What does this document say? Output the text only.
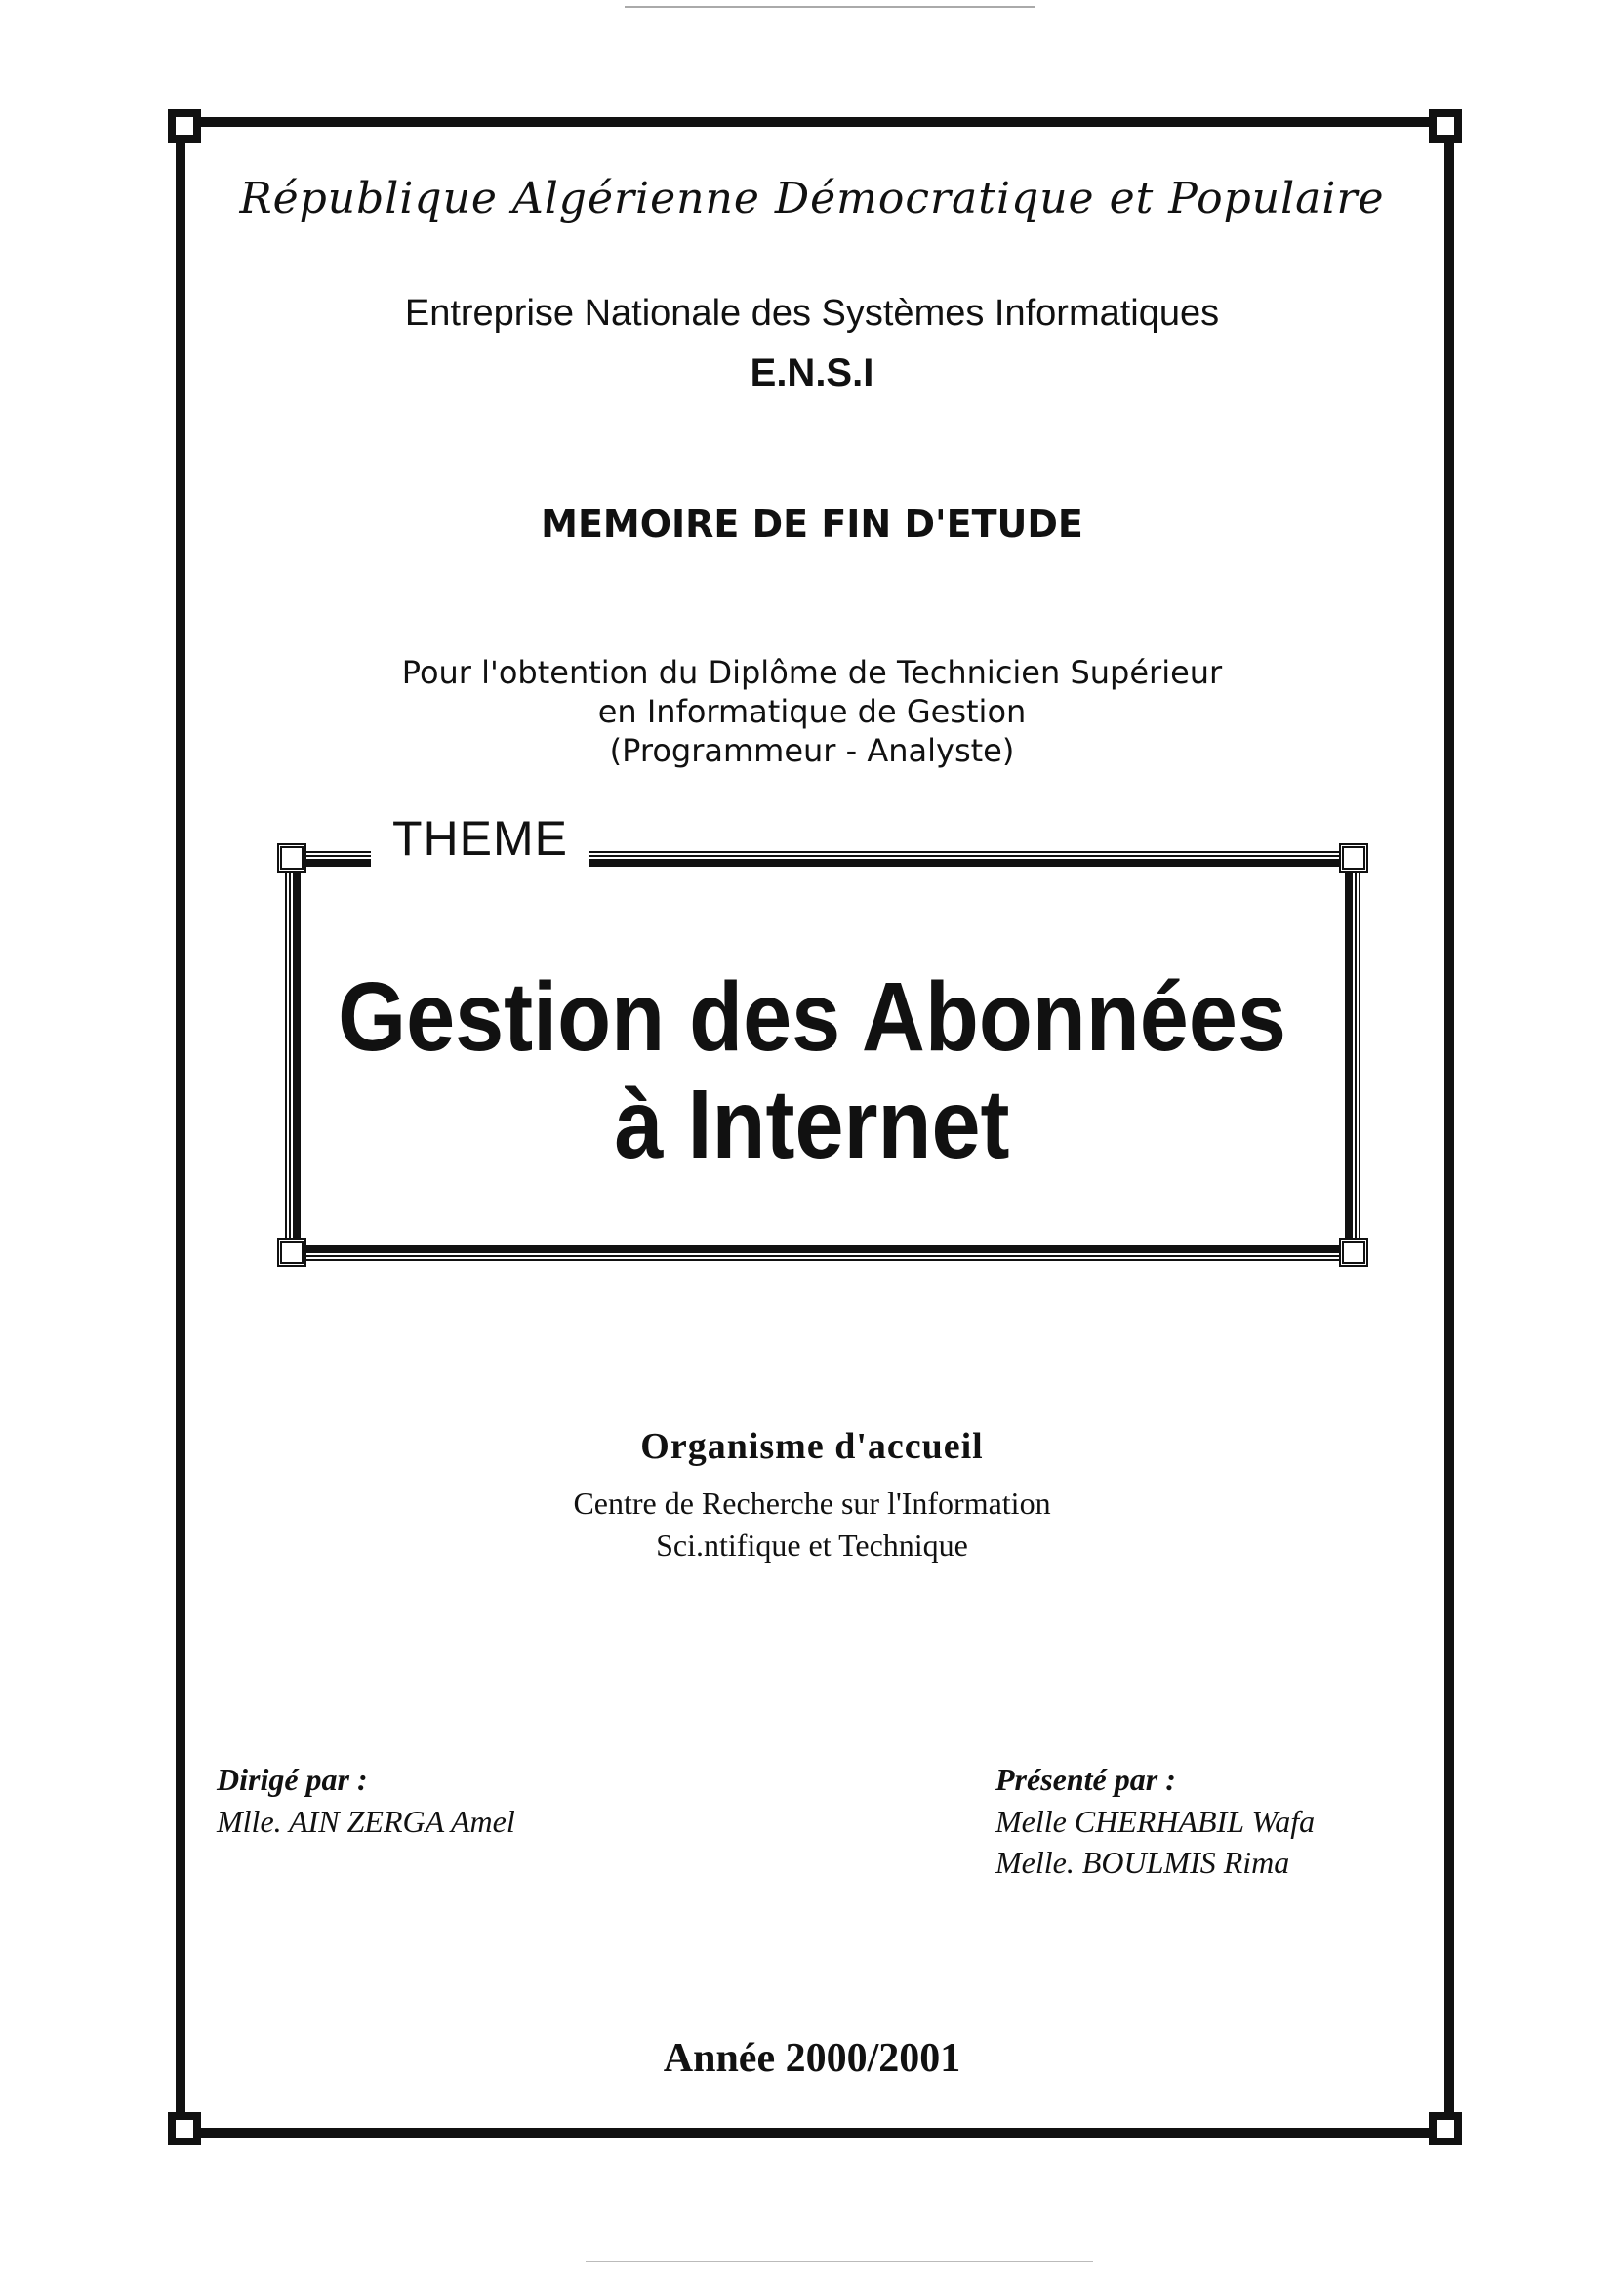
République Algérienne Démocratique et Populaire
Entreprise Nationale des Systèmes Informatiques
E.N.S.I
MEMOIRE DE FIN D'ETUDE
Pour l'obtention du Diplôme de Technicien Supérieur
en Informatique de Gestion
(Programmeur - Analyste)
THEME
Gestion des Abonnées
à Internet
Organisme d'accueil
Centre de Recherche sur l'Information
Sci.ntifique et Technique
Dirigé par :
Mlle. AIN ZERGA Amel
Présenté par :
Melle CHERHABIL Wafa
Melle. BOULMIS Rima
Année 2000/2001
